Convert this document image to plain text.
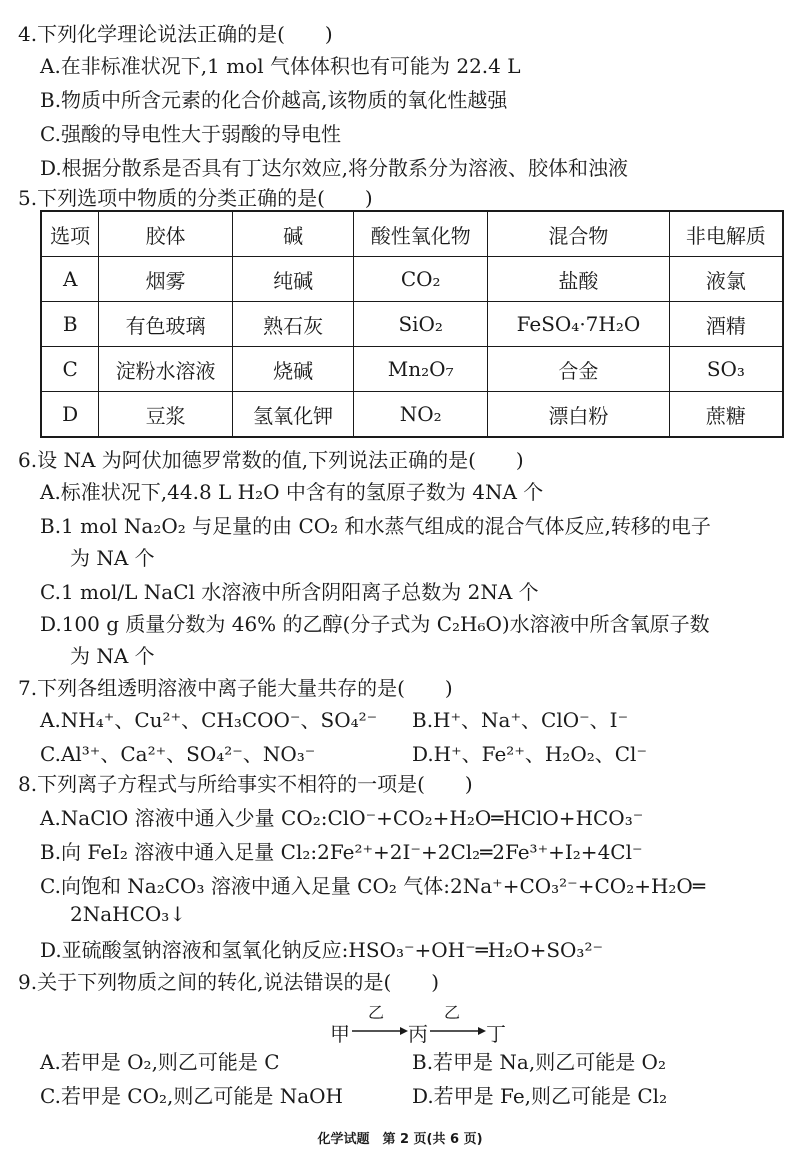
4.下列化学理论说法正确的是(　　)
A.在非标准状况下,1 mol 气体体积也有可能为 22.4 L
B.物质中所含元素的化合价越高,该物质的氧化性越强
C.强酸的导电性大于弱酸的导电性
D.根据分散系是否具有丁达尔效应,将分散系分为溶液、胶体和浊液
5.下列选项中物质的分类正确的是(　　)
选项	胶体	碱	酸性氧化物	混合物	非电解质
A	烟雾	纯碱	CO₂	盐酸	液氯
B	有色玻璃	熟石灰	SiO₂	FeSO₄·7H₂O	酒精
C	淀粉水溶液	烧碱	Mn₂O₇	合金	SO₃
D	豆浆	氢氧化钾	NO₂	漂白粉	蔗糖
6.设 NA 为阿伏加德罗常数的值,下列说法正确的是(　　)
A.标准状况下,44.8 L H₂O 中含有的氢原子数为 4NA 个
B.1 mol Na₂O₂ 与足量的由 CO₂ 和水蒸气组成的混合气体反应,转移的电子
为 NA 个
C.1 mol/L NaCl 水溶液中所含阴阳离子总数为 2NA 个
D.100 g 质量分数为 46% 的乙醇(分子式为 C₂H₆O)水溶液中所含氧原子数
为 NA 个
7.下列各组透明溶液中离子能大量共存的是(　　)
A.NH₄⁺、Cu²⁺、CH₃COO⁻、SO₄²⁻ B.H⁺、Na⁺、ClO⁻、I⁻
C.Al³⁺、Ca²⁺、SO₄²⁻、NO₃⁻	D.H⁺、Fe²⁺、H₂O₂、Cl⁻
8.下列离子方程式与所给事实不相符的一项是(　　)
A.NaClO 溶液中通入少量 CO₂:ClO⁻+CO₂+H₂O═HClO+HCO₃⁻
B.向 FeI₂ 溶液中通入足量 Cl₂:2Fe²⁺+2I⁻+2Cl₂═2Fe³⁺+I₂+4Cl⁻
C.向饱和 Na₂CO₃ 溶液中通入足量 CO₂ 气体:2Na⁺+CO₃²⁻+CO₂+H₂O═
2NaHCO₃↓
D.亚硫酸氢钠溶液和氢氧化钠反应:HSO₃⁻+OH⁻═H₂O+SO₃²⁻
9.关于下列物质之间的转化,说法错误的是(　　)
甲
乙
丙
乙
丁
A.若甲是 O₂,则乙可能是 C	B.若甲是 Na,则乙可能是 O₂
C.若甲是 CO₂,则乙可能是 NaOH	D.若甲是 Fe,则乙可能是 Cl₂
化学试题　第 2 页(共 6 页)
